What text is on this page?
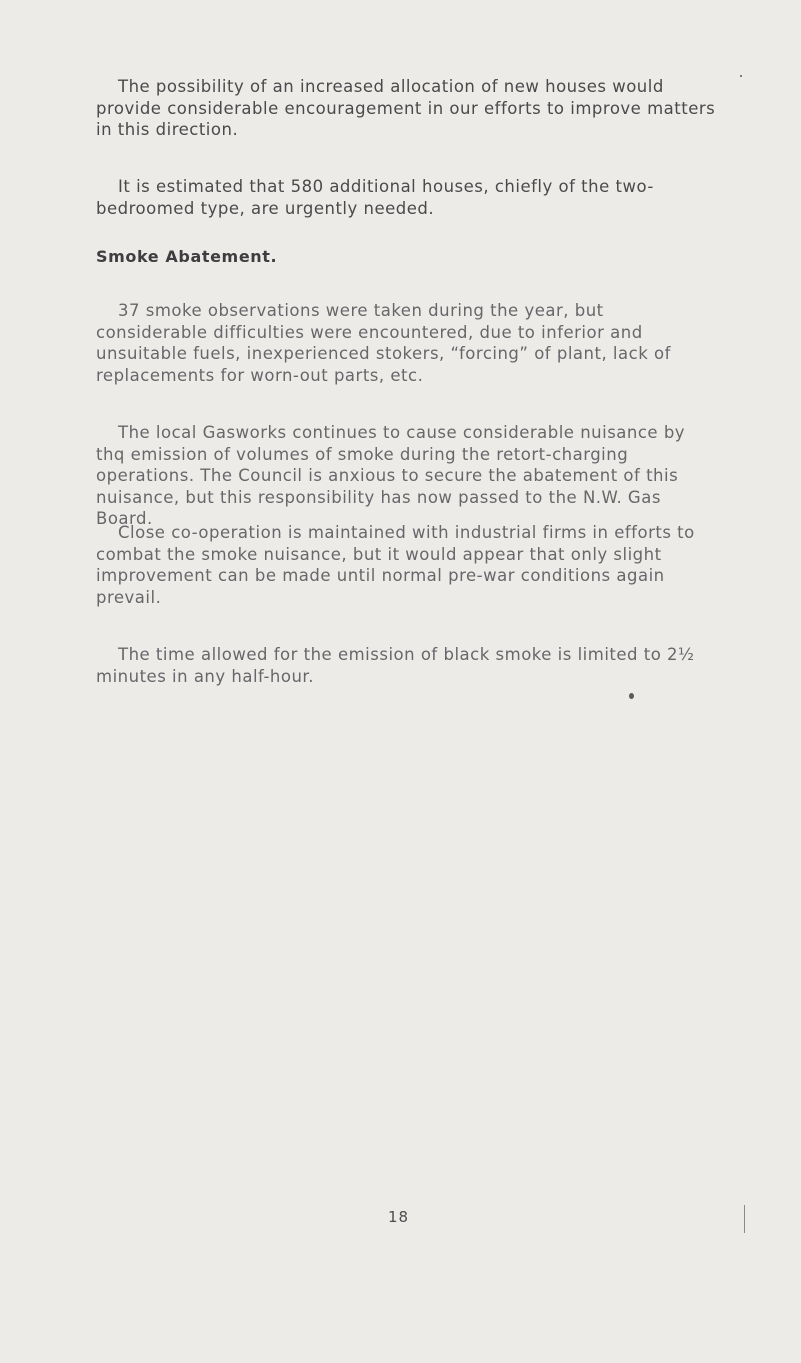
The possibility of an increased allocation of new houses would provide considerable encouragement in our efforts to improve matters in this direction.

It is estimated that 580 additional houses, chiefly of the two-bedroomed type, are urgently needed.

Smoke Abatement.

37 smoke observations were taken during the year, but considerable difficulties were encountered, due to inferior and unsuitable fuels, inexperienced stokers, “forcing” of plant, lack of replacements for worn-out parts, etc.

The local Gasworks continues to cause considerable nuisance by thq emission of volumes of smoke during the retort-charging operations. The Council is anxious to secure the abatement of this nuisance, but this responsibility has now passed to the N.W. Gas Board.

Close co-operation is maintained with industrial firms in efforts to combat the smoke nuisance, but it would appear that only slight improvement can be made until normal pre-war conditions again prevail.

The time allowed for the emission of black smoke is limited to 2½ minutes in any half-hour.

18
